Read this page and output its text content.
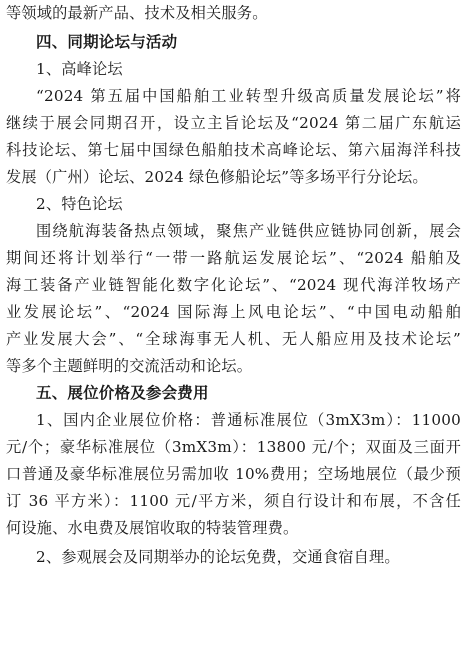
等领域的最新产品、技术及相关服务。
四、同期论坛与活动
1、高峰论坛
“2024 第五届中国船舶工业转型升级高质量发展论坛”将
继续于展会同期召开，设立主旨论坛及“2024 第二届广东航运
科技论坛、第七届中国绿色船舶技术高峰论坛、第六届海洋科技
发展（广州）论坛、2024 绿色修船论坛”等多场平行分论坛。
2、特色论坛
围绕航海装备热点领域，聚焦产业链供应链协同创新，展会
期间还将计划举行“一带一路航运发展论坛”、“2024 船舶及
海工装备产业链智能化数字化论坛”、“2024 现代海洋牧场产
业发展论坛”、“2024 国际海上风电论坛”、“中国电动船舶
产业发展大会”、“全球海事无人机、无人船应用及技术论坛”
等多个主题鲜明的交流活动和论坛。
五、展位价格及参会费用
1、国内企业展位价格：普通标准展位（3mX3m）：11000
元/个；豪华标准展位（3mX3m）：13800 元/个；双面及三面开
口普通及豪华标准展位另需加收 10%费用；空场地展位（最少预
订 36 平方米）：1100 元/平方米，须自行设计和布展，不含任
何设施、水电费及展馆收取的特装管理费。
2、参观展会及同期举办的论坛免费，交通食宿自理。
